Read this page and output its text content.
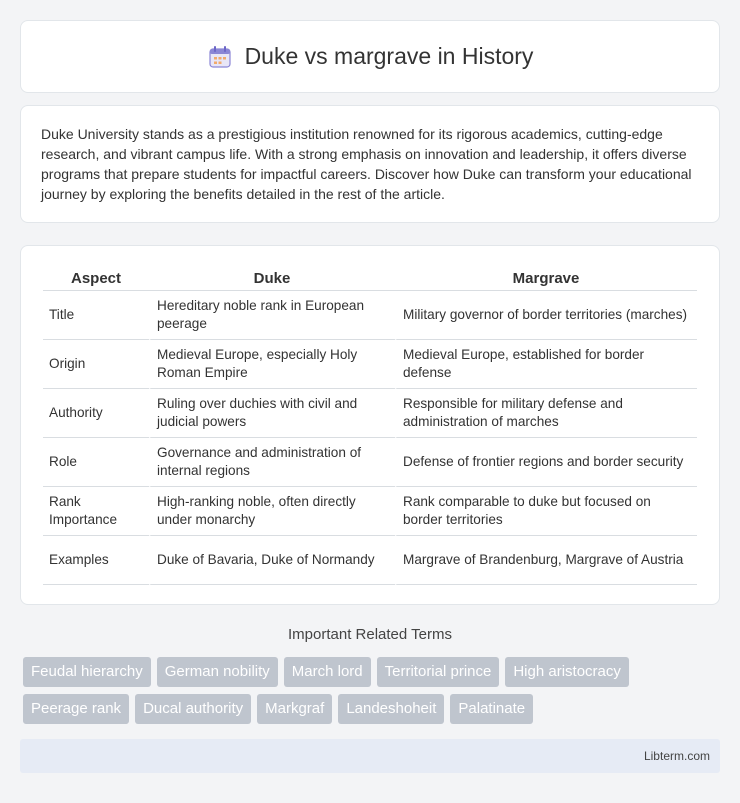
Duke vs margrave in History

Duke University stands as a prestigious institution renowned for its rigorous academics, cutting-edge research, and vibrant campus life. With a strong emphasis on innovation and leadership, it offers diverse programs that prepare students for impactful careers. Discover how Duke can transform your educational journey by exploring the benefits detailed in the rest of the article.

Aspect	Duke	Margrave
Title	Hereditary noble rank in European peerage	Military governor of border territories (marches)
Origin	Medieval Europe, especially Holy Roman Empire	Medieval Europe, established for border defense
Authority	Ruling over duchies with civil and judicial powers	Responsible for military defense and administration of marches
Role	Governance and administration of internal regions	Defense of frontier regions and border security
Rank Importance	High-ranking noble, often directly under monarchy	Rank comparable to duke but focused on border territories
Examples	Duke of Bavaria, Duke of Normandy	Margrave of Brandenburg, Margrave of Austria
Important Related Terms
Feudal hierarchy	German nobility	March lord	Territorial prince	High aristocracy
Peerage rank	Ducal authority	Markgraf	Landeshoheit	Palatinate
Libterm.com
